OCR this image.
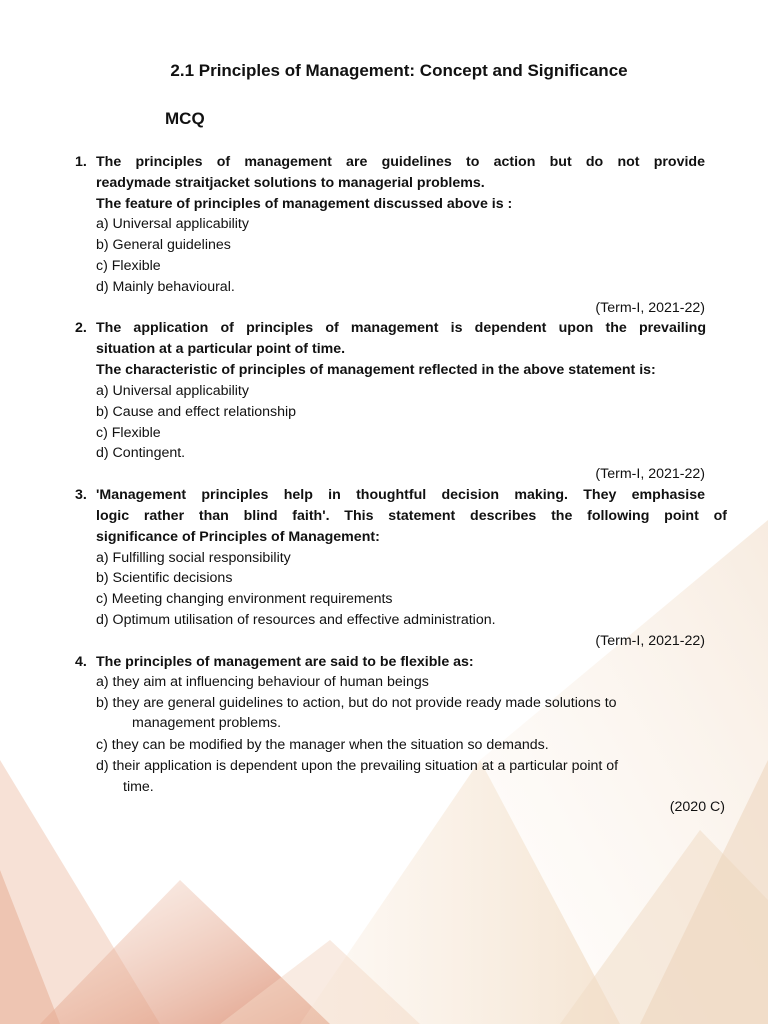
2.1 Principles of Management: Concept and Significance
MCQ
1. The principles of management are guidelines to action but do not provide
readymade straitjacket solutions to managerial problems.
The feature of principles of management discussed above is :
a) Universal applicability
b) General guidelines
c) Flexible
d) Mainly behavioural.
(Term-I, 2021-22)
2. The application of principles of management is dependent upon the prevailing
situation at a particular point of time.
The characteristic of principles of management reflected in the above statement is:
a) Universal applicability
b) Cause and effect relationship
c) Flexible
d) Contingent.
(Term-I, 2021-22)
3. 'Management principles help in thoughtful decision making. They emphasise
logic rather than blind faith'. This statement describes the following point of
significance of Principles of Management:
a) Fulfilling social responsibility
b) Scientific decisions
c) Meeting changing environment requirements
d) Optimum utilisation of resources and effective administration.
(Term-I, 2021-22)
4. The principles of management are said to be flexible as:
a) they aim at influencing behaviour of human beings
b) they are general guidelines to action, but do not provide ready made solutions to
management problems.
c) they can be modified by the manager when the situation so demands.
d) their application is dependent upon the prevailing situation at a particular point of
time.
(2020 C)
